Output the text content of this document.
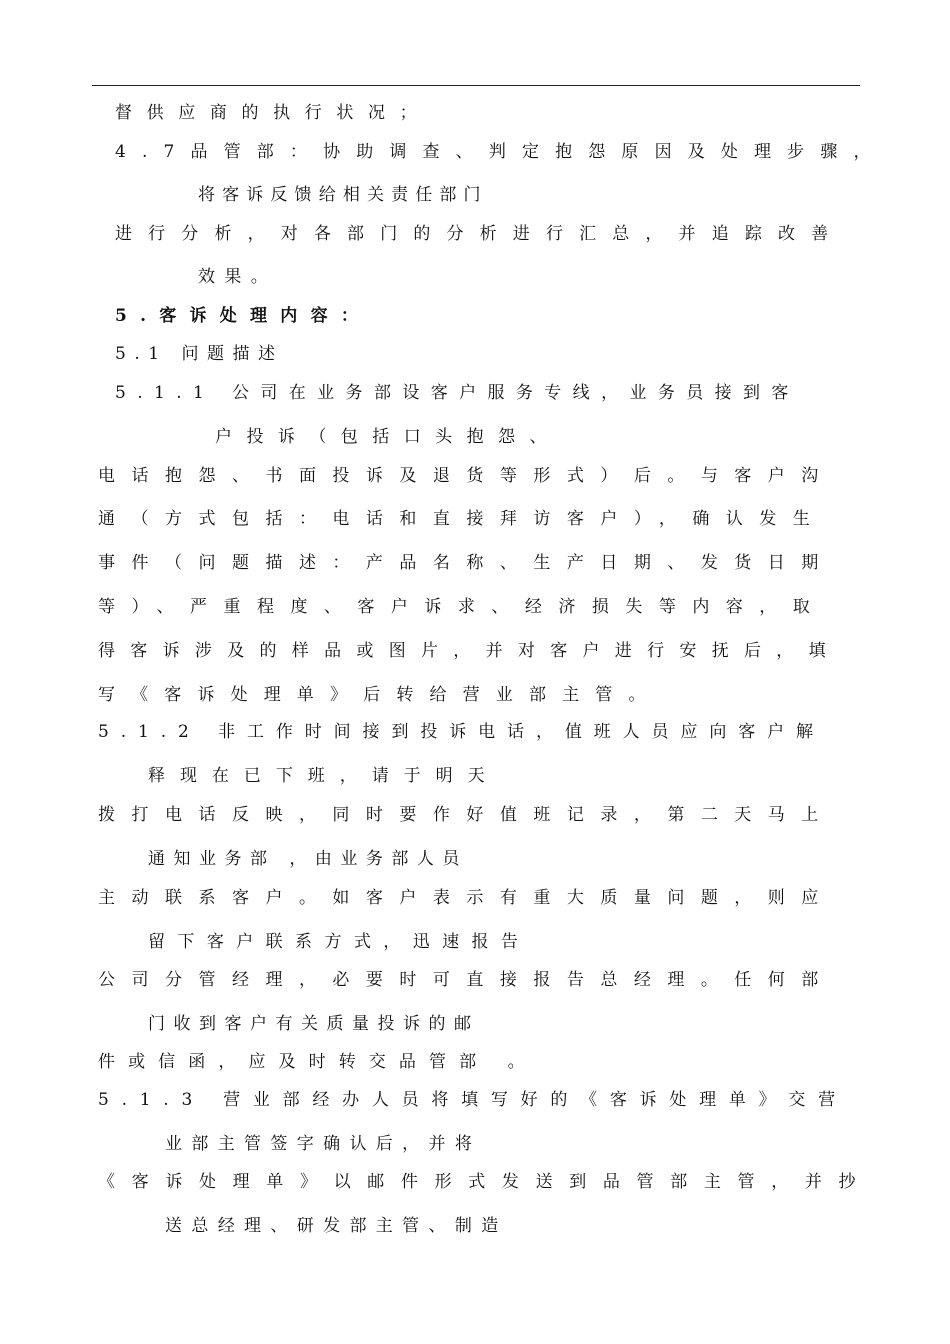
督供应商的执行状况；
4.7品管部：协助调查、判定抱怨原因及处理步骤，
将客诉反馈给相关责任部门
进行分析，对各部门的分析进行汇总，并追踪改善
效果。
5.客诉处理内容：
5.1 问题描述
5.1.1 公司在业务部设客户服务专线，业务员接到客
户投诉（包括口头抱怨、
电话抱怨、书面投诉及退货等形式）后。与客户沟
通（方式包括：电话和直接拜访客户），确认发生
事件（问题描述：产品名称、生产日期、发货日期
等）、严重程度、客户诉求、经济损失等内容，取
得客诉涉及的样品或图片，并对客户进行安抚后，填
写《客诉处理单》后转给营业部主管。
5.1.2 非工作时间接到投诉电话，值班人员应向客户解
释现在已下班，请于明天
拨打电话反映，同时要作好值班记录，第二天马上
通知业务部 ，由业务部人员
主动联系客户。如客户表示有重大质量问题，则应
留下客户联系方式，迅速报告
公司分管经理，必要时可直接报告总经理。任何部
门收到客户有关质量投诉的邮
件或信函，应及时转交品管部 。
5.1.3 营业部经办人员将填写好的《客诉处理单》交营
业部主管签字确认后，并将
《客诉处理单》以邮件形式发送到品管部主管，并抄
送总经理、研发部主管、制造
